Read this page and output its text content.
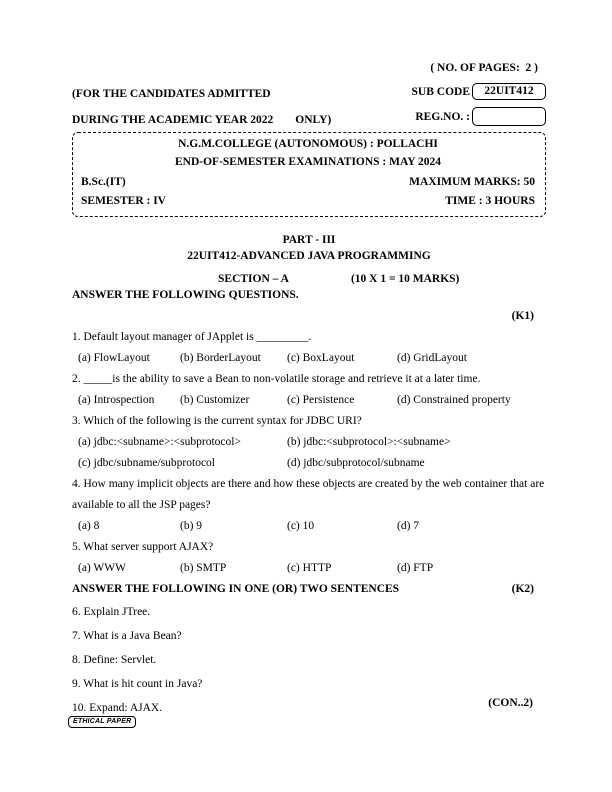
( NO. OF PAGES:  2 )
(FOR THE CANDIDATES ADMITTED	SUB CODE	22UIT412
DURING THE ACADEMIC YEAR 2022 ONLY)	REG.NO. :
N.G.M.COLLEGE (AUTONOMOUS) : POLLACHI
END-OF-SEMESTER EXAMINATIONS : MAY 2024
B.Sc.(IT)	MAXIMUM MARKS: 50
SEMESTER : IV	TIME : 3 HOURS
PART - III
22UIT412-ADVANCED JAVA PROGRAMMING
SECTION – A	(10 X 1 = 10 MARKS)
ANSWER THE FOLLOWING QUESTIONS.
(K1)
1. Default layout manager of JApplet is _________.
(a) FlowLayout	(b) BorderLayout	(c) BoxLayout	(d) GridLayout
2. _____is the ability to save a Bean to non-volatile storage and retrieve it at a later time.
(a) Introspection	(b) Customizer	(c) Persistence	(d) Constrained property
3. Which of the following is the current syntax for JDBC URI?
(a) jdbc:<subname>:<subprotocol>	(b) jdbc:<subprotocol>:<subname>
(c) jdbc/subname/subprotocol	(d) jdbc/subprotocol/subname
4. How many implicit objects are there and how these objects are created by the web container that are available to all the JSP pages?
(a) 8	(b) 9	(c) 10	(d) 7
5. What server support AJAX?
(a) WWW	(b) SMTP	(c) HTTP	(d) FTP
ANSWER THE FOLLOWING IN ONE (OR) TWO SENTENCES	(K2)
6. Explain JTree.
7. What is a Java Bean?
8. Define: Servlet.
9. What is hit count in Java?
10. Expand: AJAX.	(CON..2)
ETHICAL PAPER
